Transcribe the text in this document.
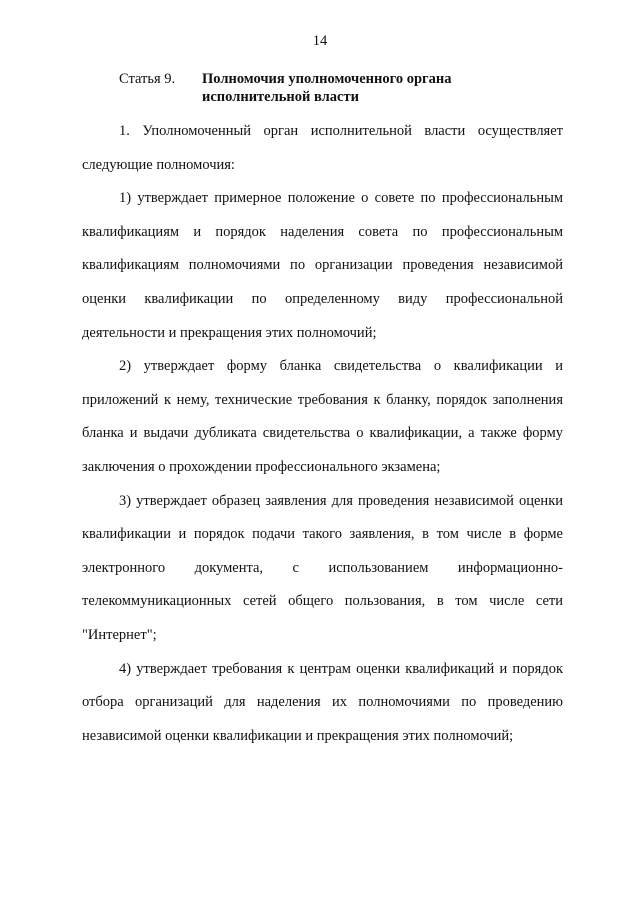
14
Статья 9. Полномочия уполномоченного органа
исполнительной власти

1. Уполномоченный орган исполнительной власти осуществляет следующие полномочия:

1) утверждает примерное положение о совете по профессиональным квалификациям и порядок наделения совета по профессиональным квалификациям полномочиями по организации проведения независимой оценки квалификации по определенному виду профессиональной деятельности и прекращения этих полномочий;

2) утверждает форму бланка свидетельства о квалификации и приложений к нему, технические требования к бланку, порядок заполнения бланка и выдачи дубликата свидетельства о квалификации, а также форму заключения о прохождении профессионального экзамена;

3) утверждает образец заявления для проведения независимой оценки квалификации и порядок подачи такого заявления, в том числе в форме электронного документа, с использованием информационно-телекоммуникационных сетей общего пользования, в том числе сети "Интернет";

4) утверждает требования к центрам оценки квалификаций и порядок отбора организаций для наделения их полномочиями по проведению независимой оценки квалификации и прекращения этих полномочий;
